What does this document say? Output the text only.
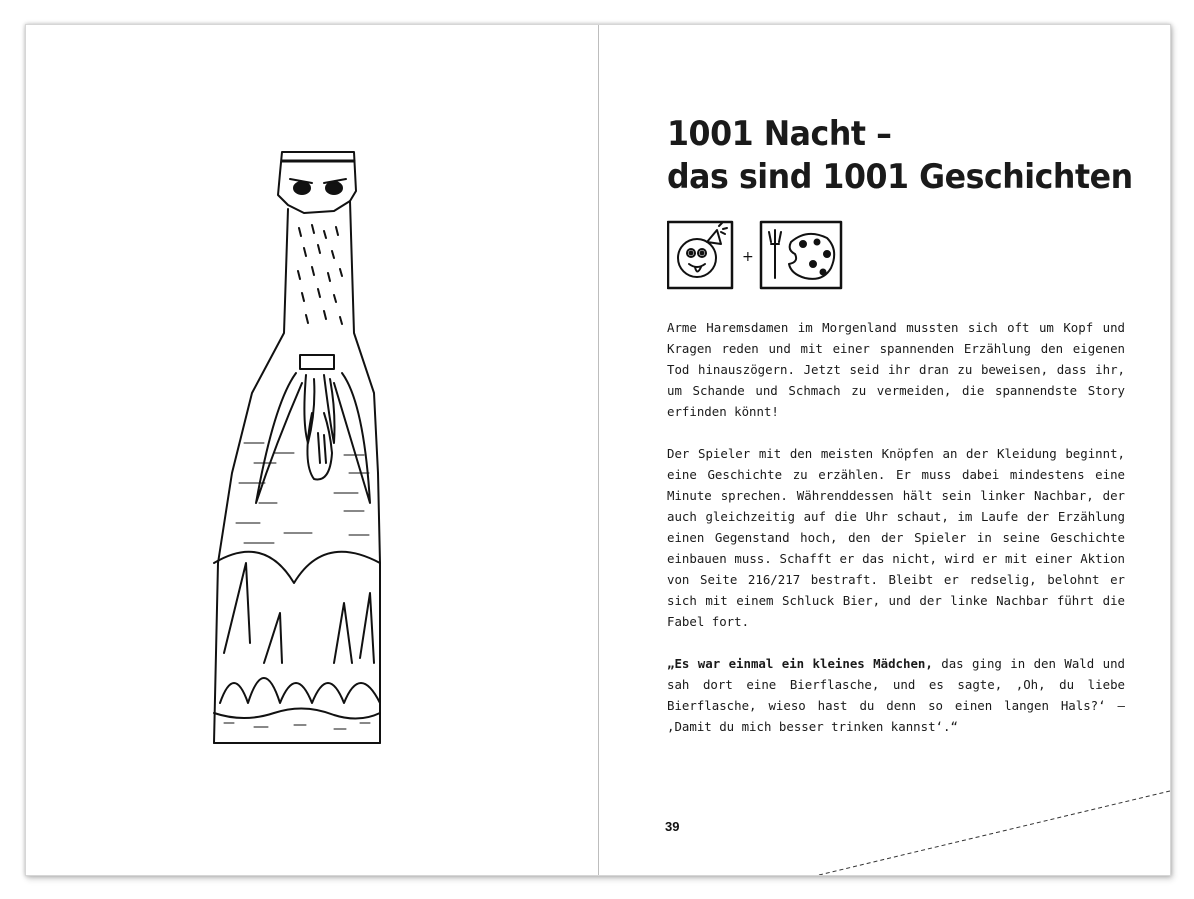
1001 Nacht –
das sind 1001 Geschichten
+

Arme Haremsdamen im Morgenland mussten sich oft um Kopf und Kragen reden und mit einer spannenden Erzählung den eigenen Tod hinauszögern. Jetzt seid ihr dran zu beweisen, dass ihr, um Schande und Schmach zu vermeiden, die spannendste Story erfinden könnt!

Der Spieler mit den meisten Knöpfen an der Kleidung beginnt, eine Geschichte zu erzählen. Er muss dabei mindestens eine Minute sprechen. Währenddessen hält sein linker Nachbar, der auch gleichzeitig auf die Uhr schaut, im Laufe der Erzählung einen Gegenstand hoch, den der Spieler in seine Geschichte einbauen muss. Schafft er das nicht, wird er mit einer Aktion von Seite 216/217 bestraft. Bleibt er redselig, belohnt er sich mit einem Schluck Bier, und der linke Nachbar führt die Fabel fort.

„Es war einmal ein kleines Mädchen, das ging in den Wald und sah dort eine Bierflasche, und es sagte, ‚Oh, du liebe Bierflasche, wieso hast du denn so einen langen Hals?‘ – ‚Damit du mich besser trinken kannst‘.“

39
